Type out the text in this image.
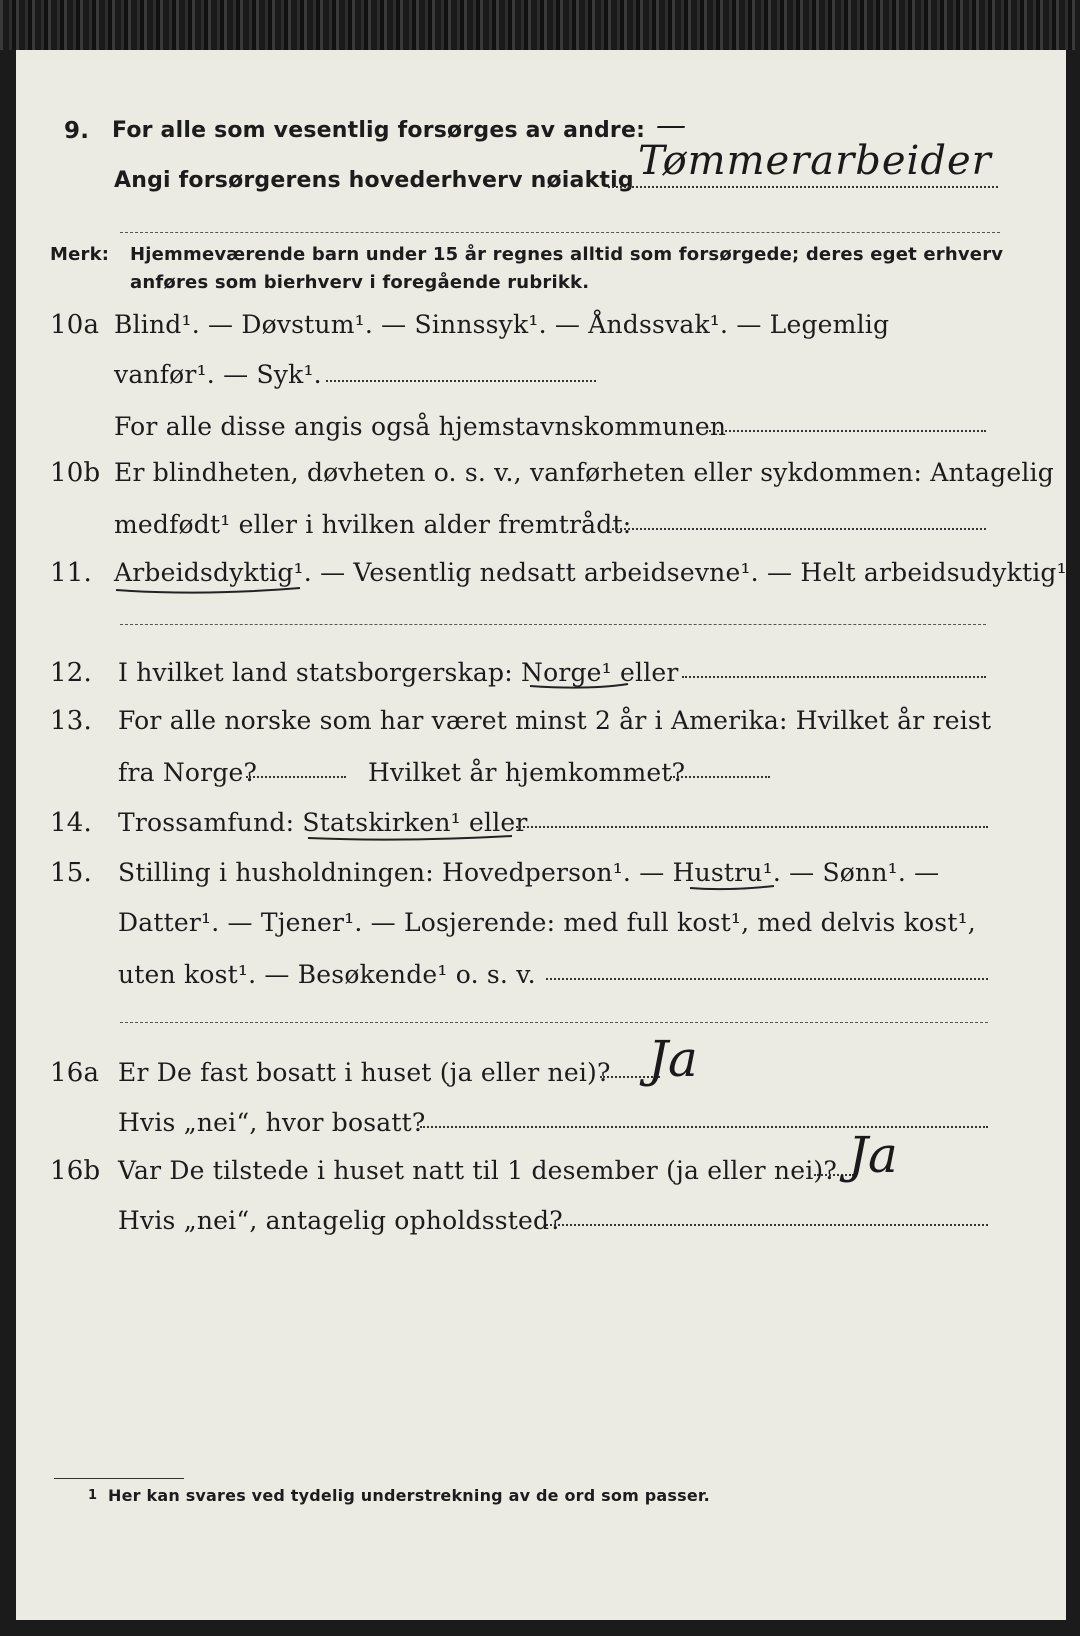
9. For alle som vesentlig forsørges av andre: —
Angi forsørgerens hovederhverv nøiaktig Tømmerarbeider
Merk: Hjemmeværende barn under 15 år regnes alltid som forsørgede; deres eget erhverv
anføres som bierhverv i foregående rubrikk.
10a Blind¹. — Døvstum¹. — Sinnssyk¹. — Åndssvak¹. — Legemlig
vanfør¹. — Syk¹.
For alle disse angis også hjemstavnskommunen
10b Er blindheten, døvheten o. s. v., vanførheten eller sykdommen: Antagelig
medfødt¹ eller i hvilken alder fremtrådt:
11. Arbeidsdyktig¹. — Vesentlig nedsatt arbeidsevne¹. — Helt arbeidsudyktig¹.
12. I hvilket land statsborgerskap: Norge¹ eller
13. For alle norske som har været minst 2 år i Amerika: Hvilket år reist
fra Norge?	Hvilket år hjemkommet?
14. Trossamfund: Statskirken¹ eller
15. Stilling i husholdningen: Hovedperson¹. — Hustru¹. — Sønn¹. —
Datter¹. — Tjener¹. — Losjerende: med full kost¹, med delvis kost¹,
uten kost¹. — Besøkende¹ o. s. v.
16a Er De fast bosatt i huset (ja eller nei)? Ja
Hvis „nei“, hvor bosatt?
16b Var De tilstede i huset natt til 1 desember (ja eller nei)? Ja
Hvis „nei“, antagelig opholdssted?
1 Her kan svares ved tydelig understrekning av de ord som passer.
